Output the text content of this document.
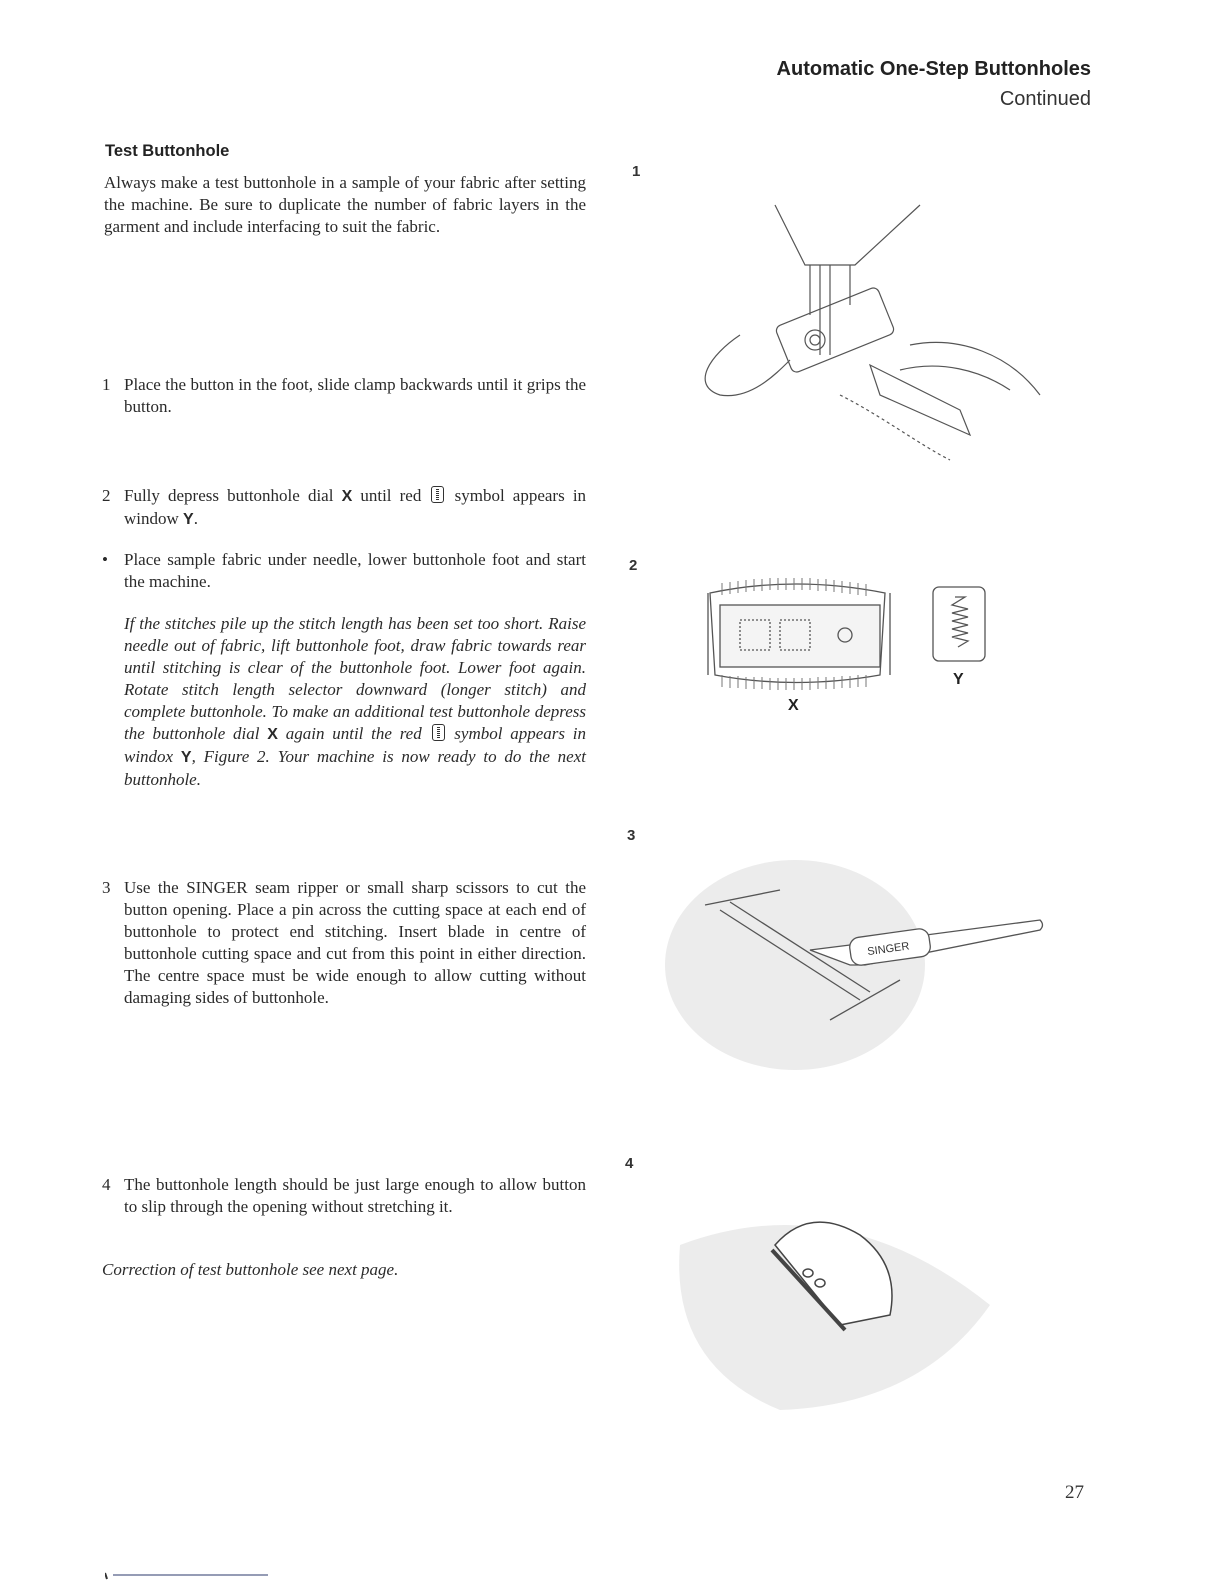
Automatic One-Step Buttonholes
Continued
Test Buttonhole
Always make a test buttonhole in a sample of your fabric after setting the machine. Be sure to duplicate the number of fabric layers in the garment and include interfacing to suit the fabric.
1 Place the button in the foot, slide clamp backwards until it grips the button.
2 Fully depress buttonhole dial X until red symbol appears in window Y.
• Place sample fabric under needle, lower buttonhole foot and start the machine.
If the stitches pile up the stitch length has been set too short. Raise needle out of fabric, lift buttonhole foot, draw fabric towards rear until stitching is clear of the buttonhole foot. Lower foot again. Rotate stitch length selector downward (longer stitch) and complete buttonhole. To make an additional test buttonhole depress the buttonhole dial X again until the red symbol appears in windox Y, Figure 2. Your machine is now ready to do the next buttonhole.
3 Use the SINGER seam ripper or small sharp scissors to cut the button opening. Place a pin across the cutting space at each end of buttonhole to protect end stitching. Insert blade in centre of buttonhole cutting space and cut from this point in either direction. The centre space must be wide enough to allow cutting without damaging sides of buttonhole.
4 The buttonhole length should be just large enough to allow button to slip through the opening without stretching it.
Correction of test buttonhole see next page.
1
2
3
4
X
Y
SINGER
27
